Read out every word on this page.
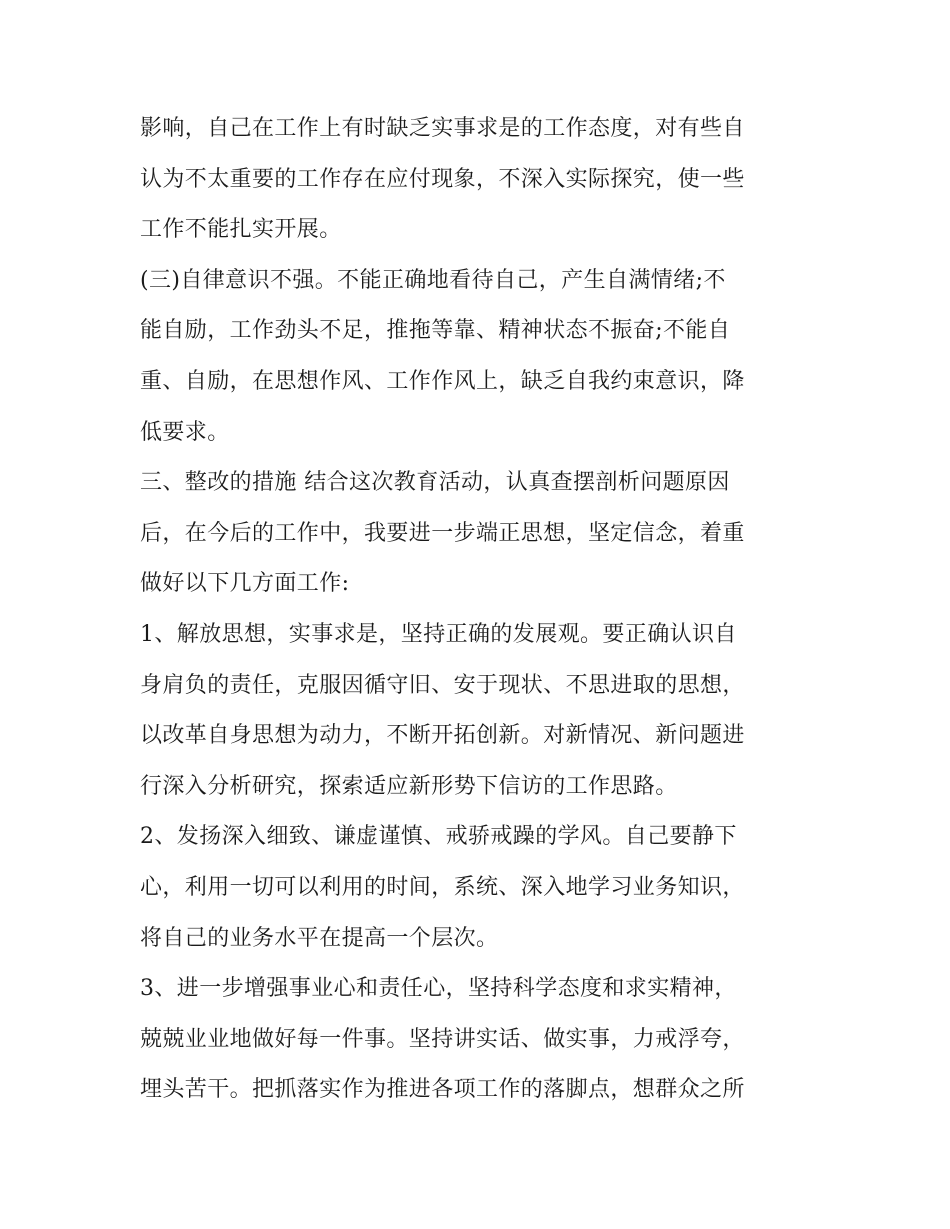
影响，自己在工作上有时缺乏实事求是的工作态度，对有些自
认为不太重要的工作存在应付现象，不深入实际探究，使一些
工作不能扎实开展。
(三)自律意识不强。不能正确地看待自己，产生自满情绪;不
能自励，工作劲头不足，推拖等靠、精神状态不振奋;不能自
重、自励，在思想作风、工作作风上，缺乏自我约束意识，降
低要求。
三、整改的措施 结合这次教育活动，认真查摆剖析问题原因
后，在今后的工作中，我要进一步端正思想，坚定信念，着重
做好以下几方面工作:
1、解放思想，实事求是，坚持正确的发展观。要正确认识自
身肩负的责任，克服因循守旧、安于现状、不思进取的思想，
以改革自身思想为动力，不断开拓创新。对新情况、新问题进
行深入分析研究，探索适应新形势下信访的工作思路。
2、发扬深入细致、谦虚谨慎、戒骄戒躁的学风。自己要静下
心，利用一切可以利用的时间，系统、深入地学习业务知识，
将自己的业务水平在提高一个层次。
3、进一步增强事业心和责任心，坚持科学态度和求实精神，
兢兢业业地做好每一件事。坚持讲实话、做实事，力戒浮夸，
埋头苦干。把抓落实作为推进各项工作的落脚点，想群众之所
